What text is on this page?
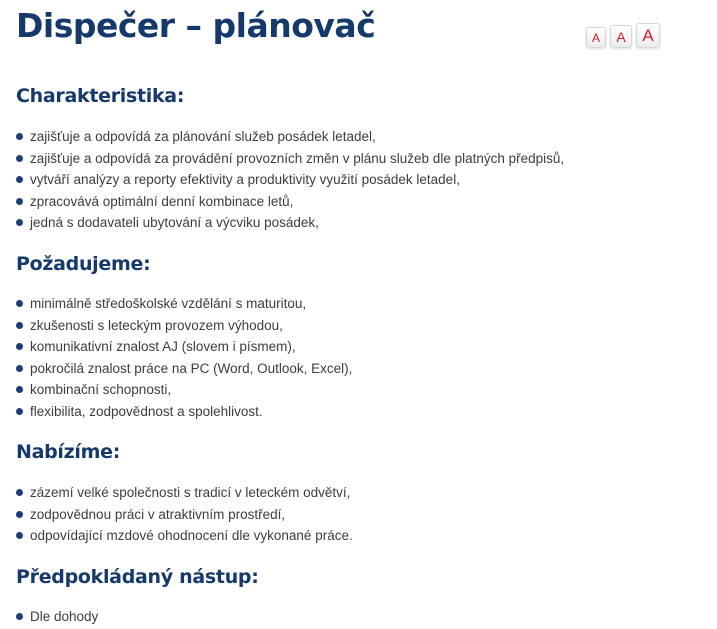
Dispečer – plánovač	A	A A
Charakteristika:
zajišťuje a odpovídá za plánování služeb posádek letadel,
zajišťuje a odpovídá za provádění provozních změn v plánu služeb dle platných předpisů,
vytváří analýzy a reporty efektivity a produktivity využití posádek letadel,
zpracovává optimální denní kombinace letů,
jedná s dodavateli ubytování a výcviku posádek,
Požadujeme:
minimálně středoškolské vzdělání s maturitou,
zkušenosti s leteckým provozem výhodou,
komunikativní znalost AJ (slovem i písmem),
pokročilá znalost práce na PC (Word, Outlook, Excel),
kombinační schopnosti,
flexibilita, zodpovědnost a spolehlivost.
Nabízíme:
zázemí velké společnosti s tradicí v leteckém odvětví,
zodpovědnou práci v atraktivním prostředí,
odpovídající mzdové ohodnocení dle vykonané práce.
Předpokládaný nástup:
Dle dohody
